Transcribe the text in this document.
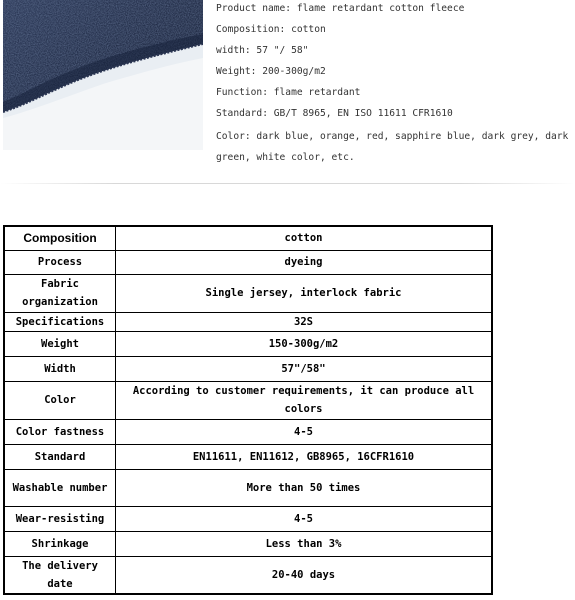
Product name: flame retardant cotton fleece
Composition: cotton
width: 57 "/ 58"
Weight: 200-300g/m2
Function: flame retardant
Standard: GB/T 8965, EN ISO 11611 CFR1610
Color: dark blue, orange, red, sapphire blue, dark grey, dark green, white color, etc.
Composition	cotton
Process	dyeing
Fabric organization	Single jersey, interlock fabric
Specifications	32S
Weight	150-300g/m2
Width	57"/58"
Color	According to customer requirements, it can produce all colors
Color fastness	4-5
Standard	EN11611, EN11612, GB8965, 16CFR1610
Washable number	More than 50 times
Wear-resisting	4-5
Shrinkage	Less than 3%
The delivery date	20-40 days
